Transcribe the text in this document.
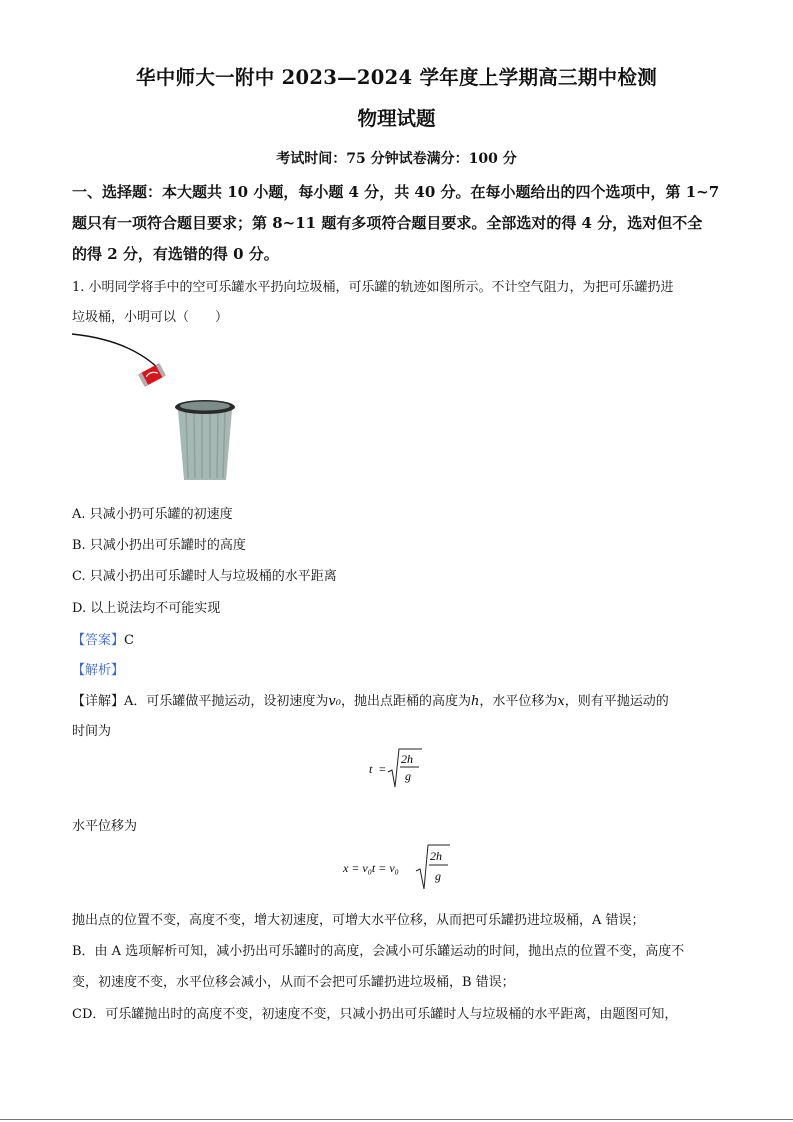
华中师大一附中 2023—2024 学年度上学期高三期中检测
物理试题
考试时间：75 分钟试卷满分：100 分
一、选择题：本大题共 10 小题，每小题 4 分，共 40 分。在每小题给出的四个选项中，第 1~7
题只有一项符合题目要求；第 8~11 题有多项符合题目要求。全部选对的得 4 分，选对但不全
的得 2 分，有选错的得 0 分。
1. 小明同学将手中的空可乐罐水平扔向垃圾桶，可乐罐的轨迹如图所示。不计空气阻力，为把可乐罐扔进
垃圾桶，小明可以（　　）
A. 只减小扔可乐罐的初速度
B. 只减小扔出可乐罐时的高度
C. 只减小扔出可乐罐时人与垃圾桶的水平距离
D. 以上说法均不可能实现
【答案】C
【解析】
【详解】A．可乐罐做平抛运动，设初速度为v₀，抛出点距桶的高度为h，水平位移为x，则有平抛运动的
时间为
t =
2h
g
水平位移为
x = v₀t = v₀
2h
g
抛出点的位置不变，高度不变，增大初速度，可增大水平位移，从而把可乐罐扔进垃圾桶，A 错误；
B．由 A 选项解析可知，减小扔出可乐罐时的高度，会减小可乐罐运动的时间，抛出点的位置不变，高度不
变，初速度不变，水平位移会减小，从而不会把可乐罐扔进垃圾桶，B 错误；
CD．可乐罐抛出时的高度不变，初速度不变，只减小扔出可乐罐时人与垃圾桶的水平距离，由题图可知，
